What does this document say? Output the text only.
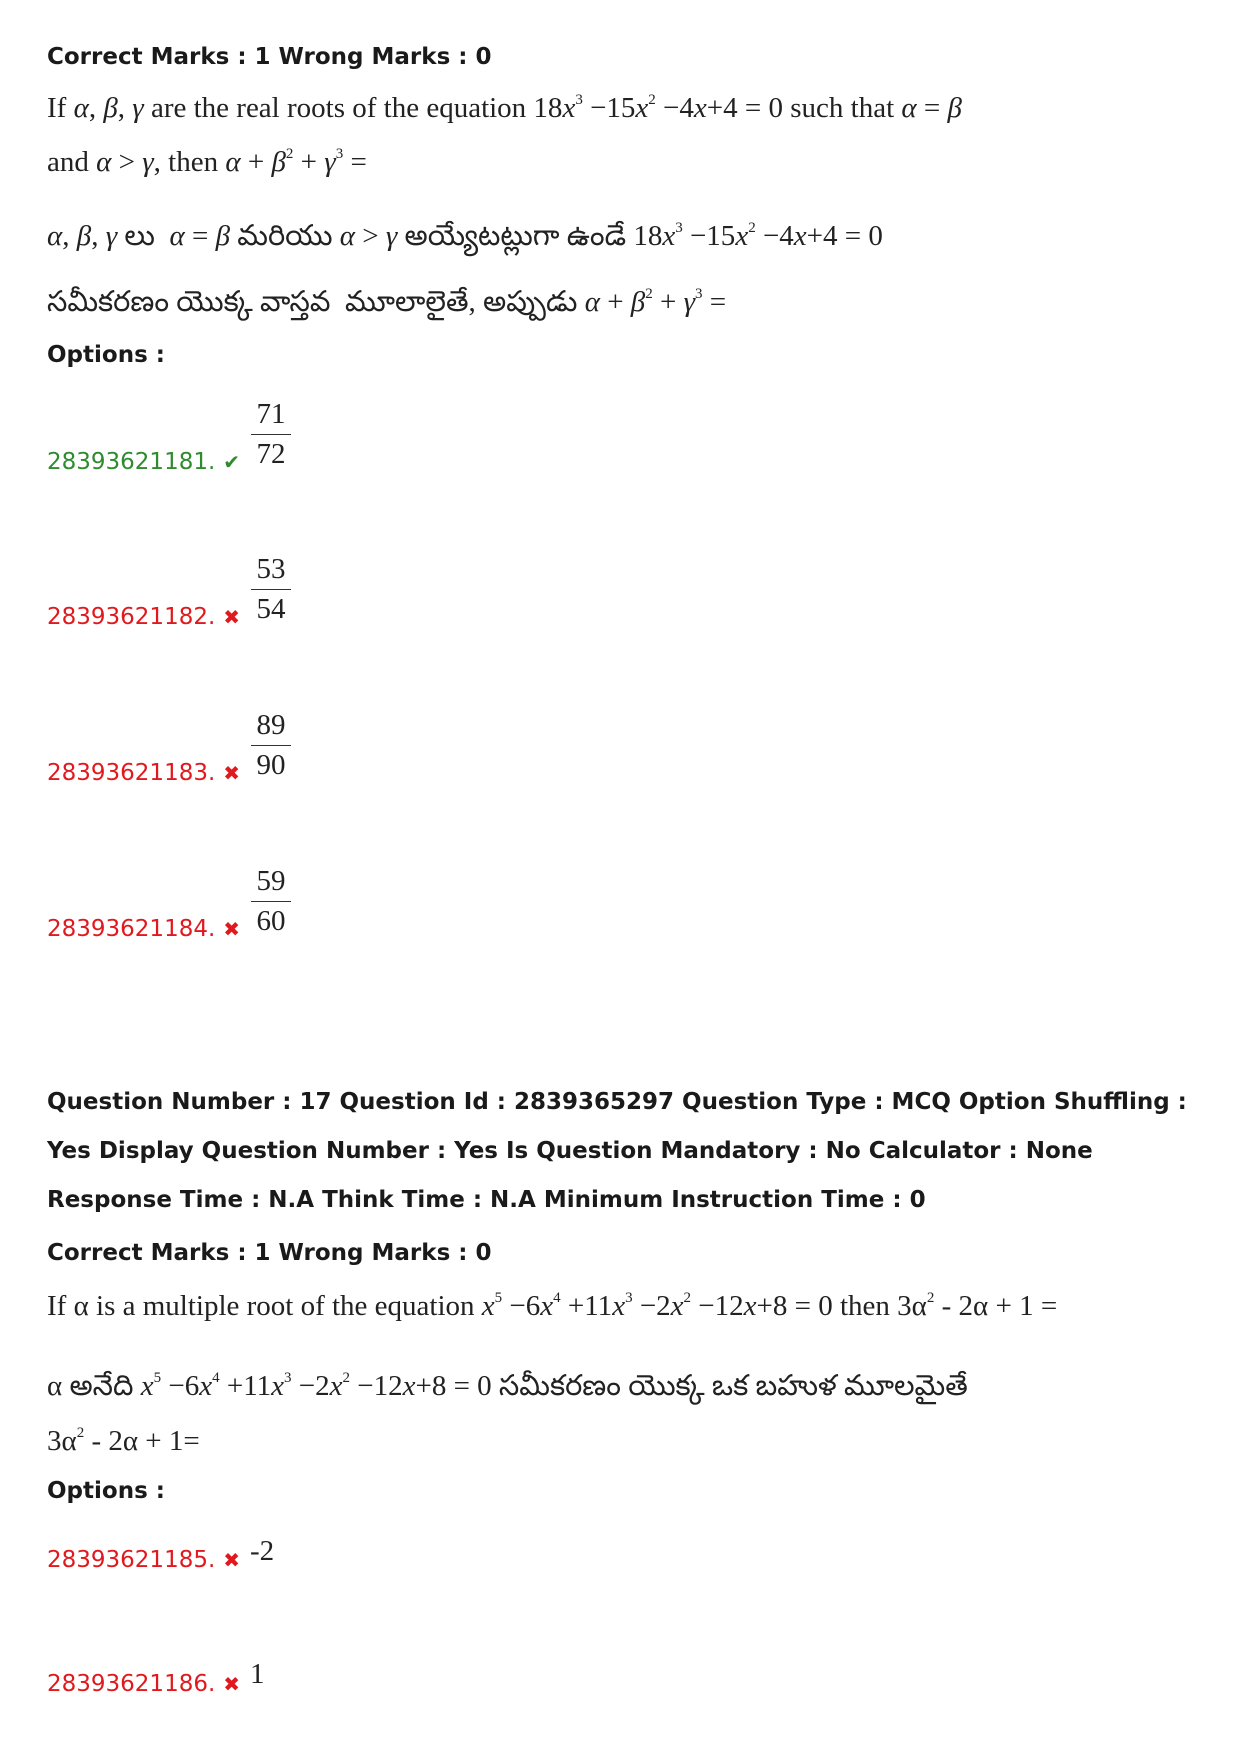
Correct Marks : 1 Wrong Marks : 0
If α, β, γ are the real roots of the equation $18x^3 -15x^2 -4x+4 = 0$ such that α = β
and α > γ, then $\alpha + \beta^2 + \gamma^3$ =
α, β, γ లు  α = β మరియు α > γ అయ్యేటట్లుగా ఉండే $18x^3 -15x^2 -4x+4 = 0$
సమీకరణం యొక్క వాస్తవ  మూలాలైతే, అప్పుడు $\alpha + \beta^2 + \gamma^3$ =
Options :
28393621181. ✔ $\frac{71}{72}$
28393621182. ✖ $\frac{53}{54}$
28393621183. ✖ $\frac{89}{90}$
28393621184. ✖ $\frac{59}{60}$
Question Number : 17 Question Id : 2839365297 Question Type : MCQ Option Shuffling : Yes Display Question Number : Yes Is Question Mandatory : No Calculator : None Response Time : N.A Think Time : N.A Minimum Instruction Time : 0
Correct Marks : 1 Wrong Marks : 0
If α is a multiple root of the equation $x^5 -6x^4 +11x^3 -2x^2 -12x+8 = 0$ then $3\alpha^2 - 2\alpha + 1$ =
α అనేది $x^5 -6x^4 +11x^3 -2x^2 -12x+8 = 0$ సమీకరణం యొక్క ఒక బహుళ మూలమైతే
$3\alpha^2 - 2\alpha + 1=$
Options :
28393621185. ✖ -2
28393621186. ✖ 1
